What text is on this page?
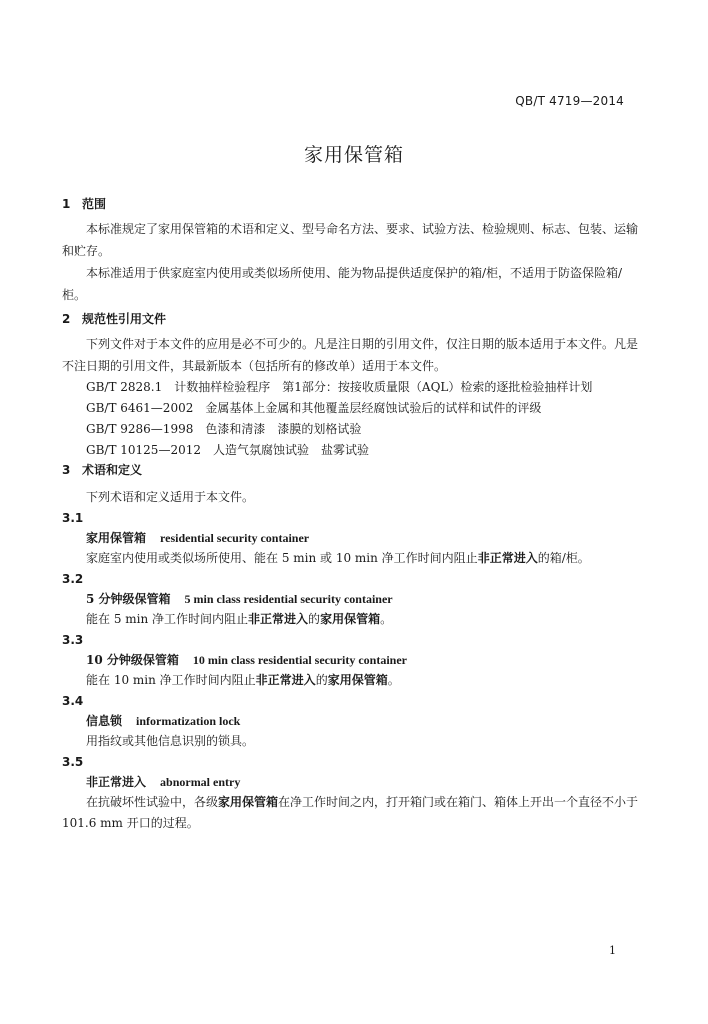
QB/T 4719—2014
家用保管箱
1 范围

本标准规定了家用保管箱的术语和定义、型号命名方法、要求、试验方法、检验规则、标志、包装、运输和贮存。

本标准适用于供家庭室内使用或类似场所使用、能为物品提供适度保护的箱/柜，不适用于防盗保险箱/柜。

2 规范性引用文件

下列文件对于本文件的应用是必不可少的。凡是注日期的引用文件，仅注日期的版本适用于本文件。凡是不注日期的引用文件，其最新版本（包括所有的修改单）适用于本文件。

GB/T 2828.1 计数抽样检验程序　第1部分：按接收质量限（AQL）检索的逐批检验抽样计划
GB/T 6461—2002 金属基体上金属和其他覆盖层经腐蚀试验后的试样和试件的评级
GB/T 9286—1998 色漆和清漆　漆膜的划格试验
GB/T 10125—2012 人造气氛腐蚀试验　盐雾试验
3 术语和定义

下列术语和定义适用于本文件。

3.1
家用保管箱 residential security container
家庭室内使用或类似场所使用、能在 5 min 或 10 min 净工作时间内阻止非正常进入的箱/柜。
3.2
5 分钟级保管箱 5 min class residential security container
能在 5 min 净工作时间内阻止非正常进入的家用保管箱。
3.3
10 分钟级保管箱 10 min class residential security container
能在 10 min 净工作时间内阻止非正常进入的家用保管箱。
3.4
信息锁 informatization lock
用指纹或其他信息识别的锁具。
3.5
非正常进入 abnormal entry
在抗破坏性试验中，各级家用保管箱在净工作时间之内，打开箱门或在箱门、箱体上开出一个直径不小于 101.6 mm 开口的过程。
1
